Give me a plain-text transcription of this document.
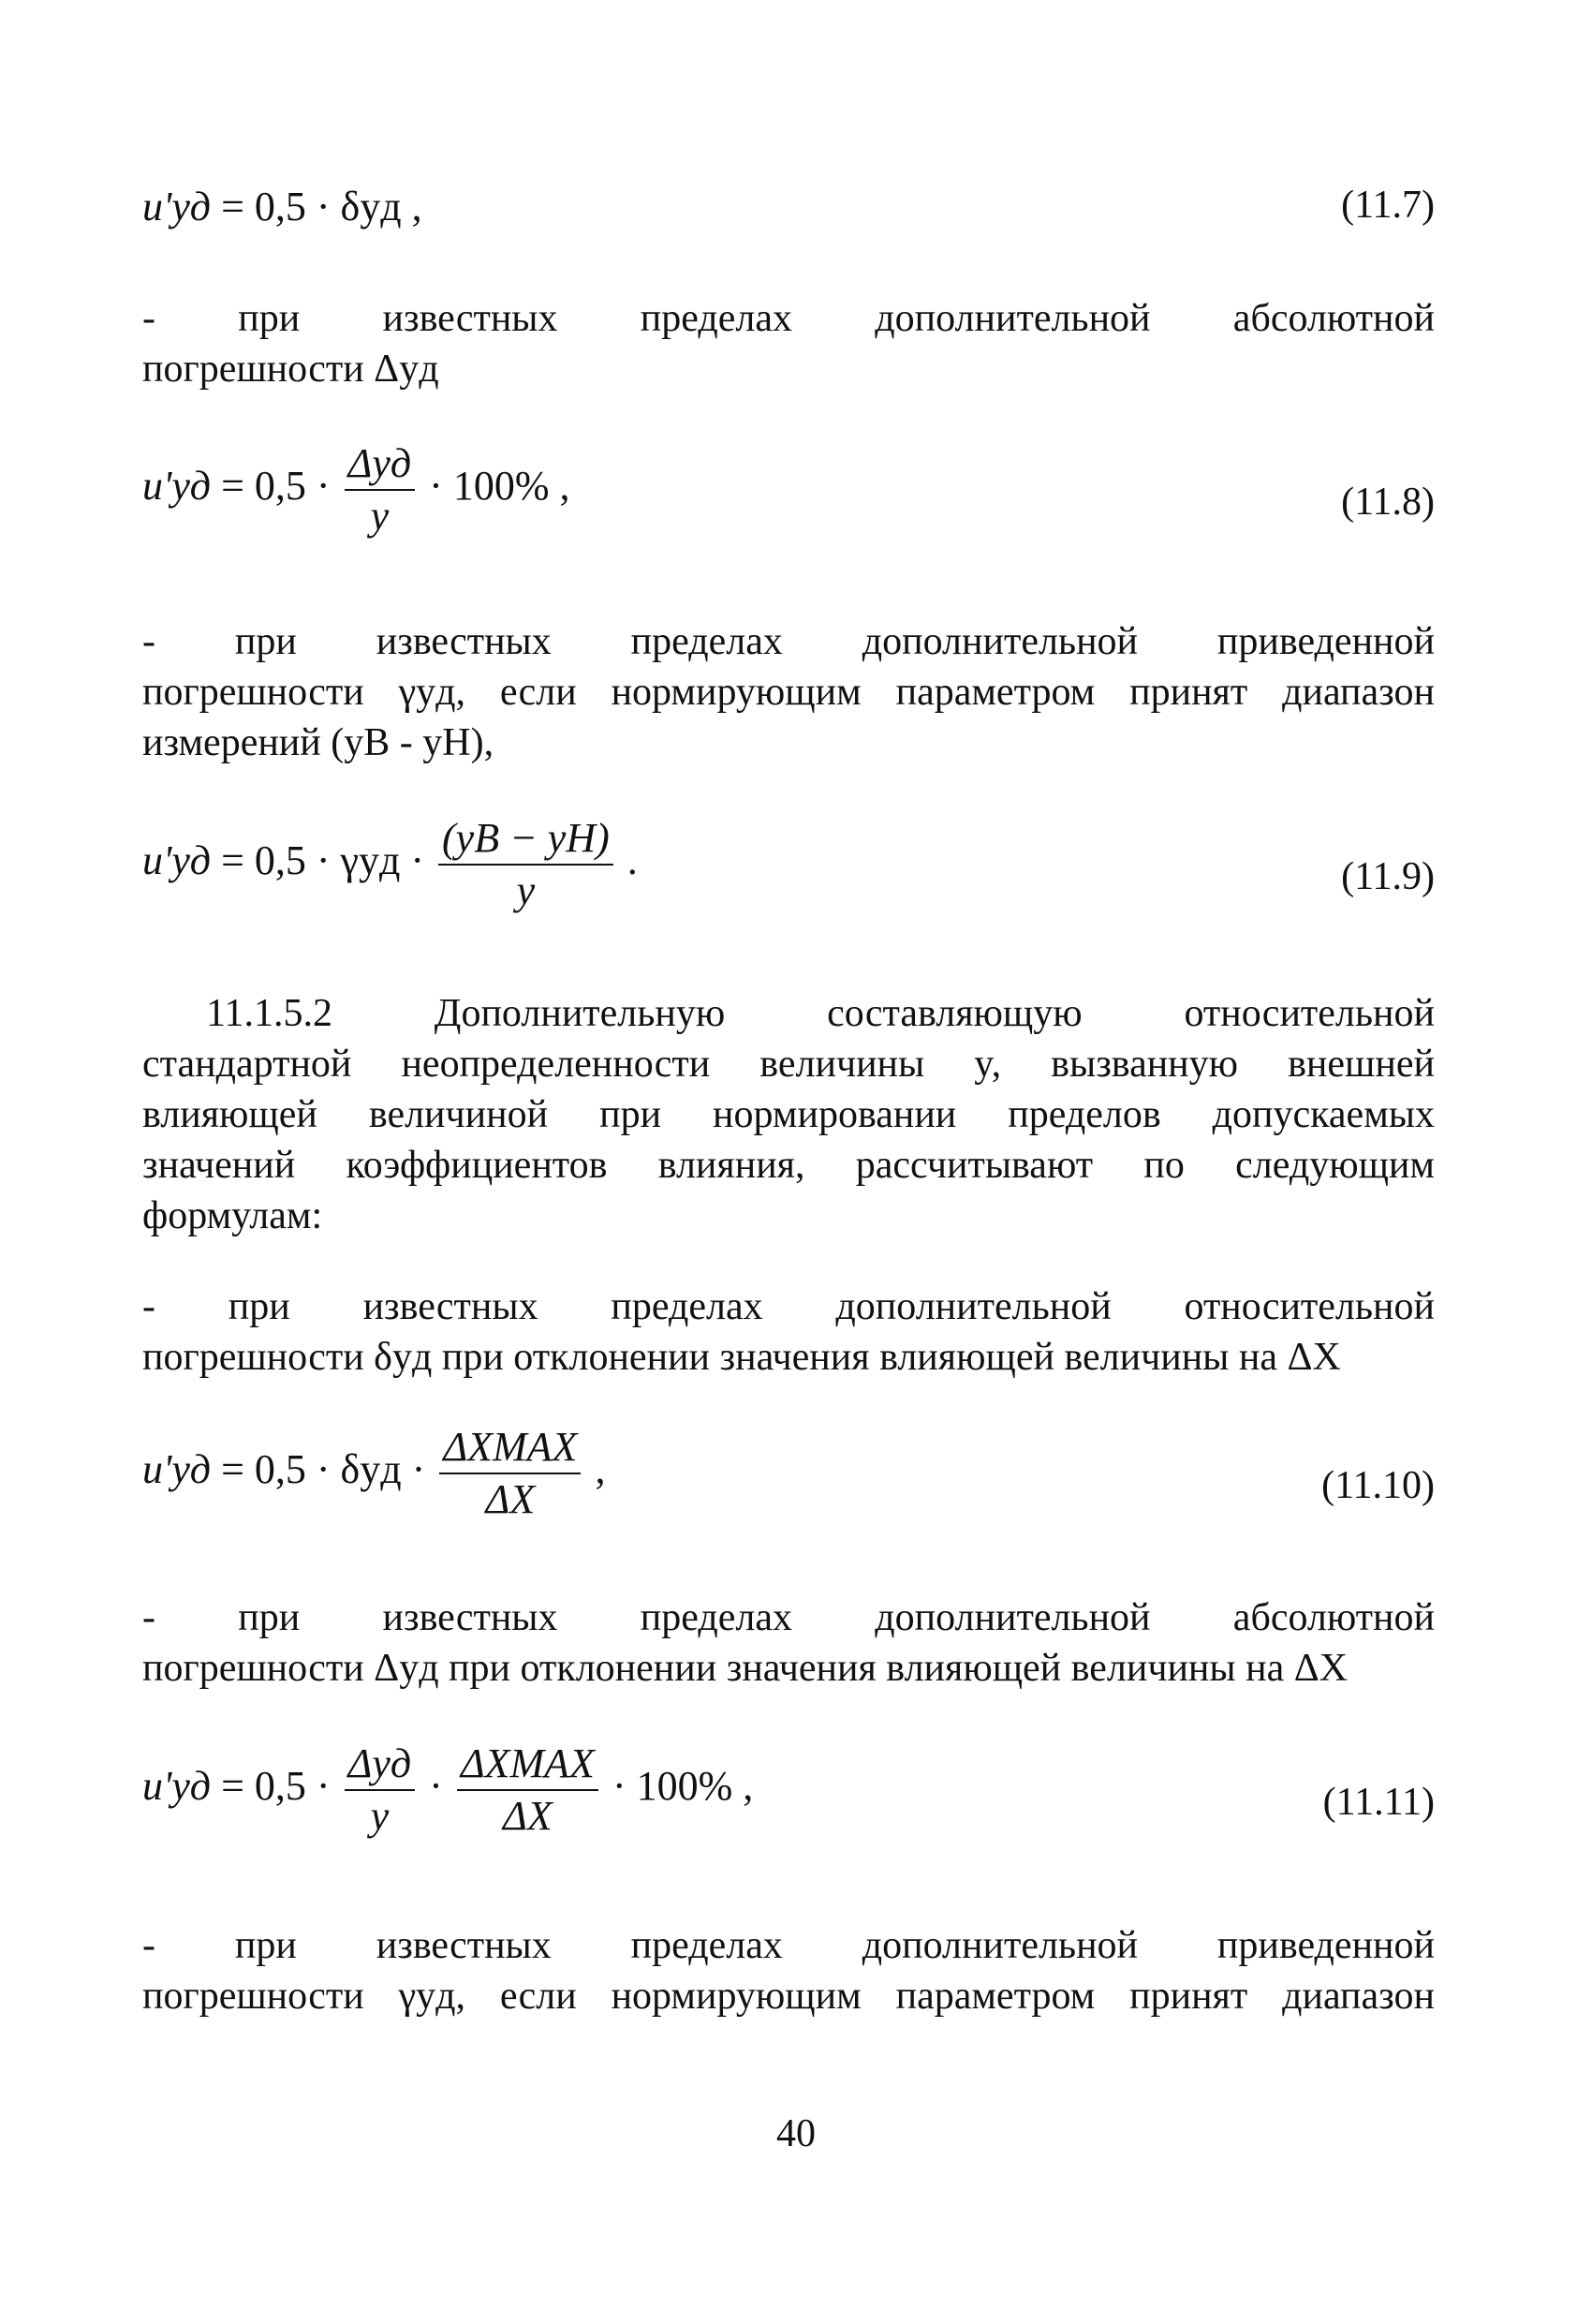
u'уд = 0,5 · δyд ,	(11.7)
- при известных пределах дополнительной абсолютной
погрешности Δyд
$u'уд = 0,5 \cdot \frac{\text{Δyд}}{y} \cdot 100\%$ ,	(11.8)
- при известных пределах дополнительной приведенной
погрешности γyд, если нормирующим параметром принят диапазон
измерений (yB - yH),
$u'уд = 0,5 \cdot \gamma yд \cdot \frac{(yB - yH)}{y}$ .	(11.9)
11.1.5.2 Дополнительную составляющую относительной
стандартной неопределенности величины y, вызванную внешней
влияющей величиной при нормировании пределов допускаемых
значений коэффициентов влияния, рассчитывают по следующим
формулам:
- при известных пределах дополнительной относительной
погрешности δyд при отклонении значения влияющей величины на ΔX
$u'уд = 0,5 \cdot \delta yд \cdot \frac{\text{ΔXMAX}}{\Delta X}$ ,	(11.10)
- при известных пределах дополнительной абсолютной
погрешности Δyд при отклонении значения влияющей величины на ΔX
$u'уд = 0,5 \cdot \frac{\text{Δyд}}{y} \cdot \frac{\text{ΔXMAX}}{\Delta X} \cdot 100\%$ ,	(11.11)
- при известных пределах дополнительной приведенной
погрешности γyд, если нормирующим параметром принят диапазон
40
